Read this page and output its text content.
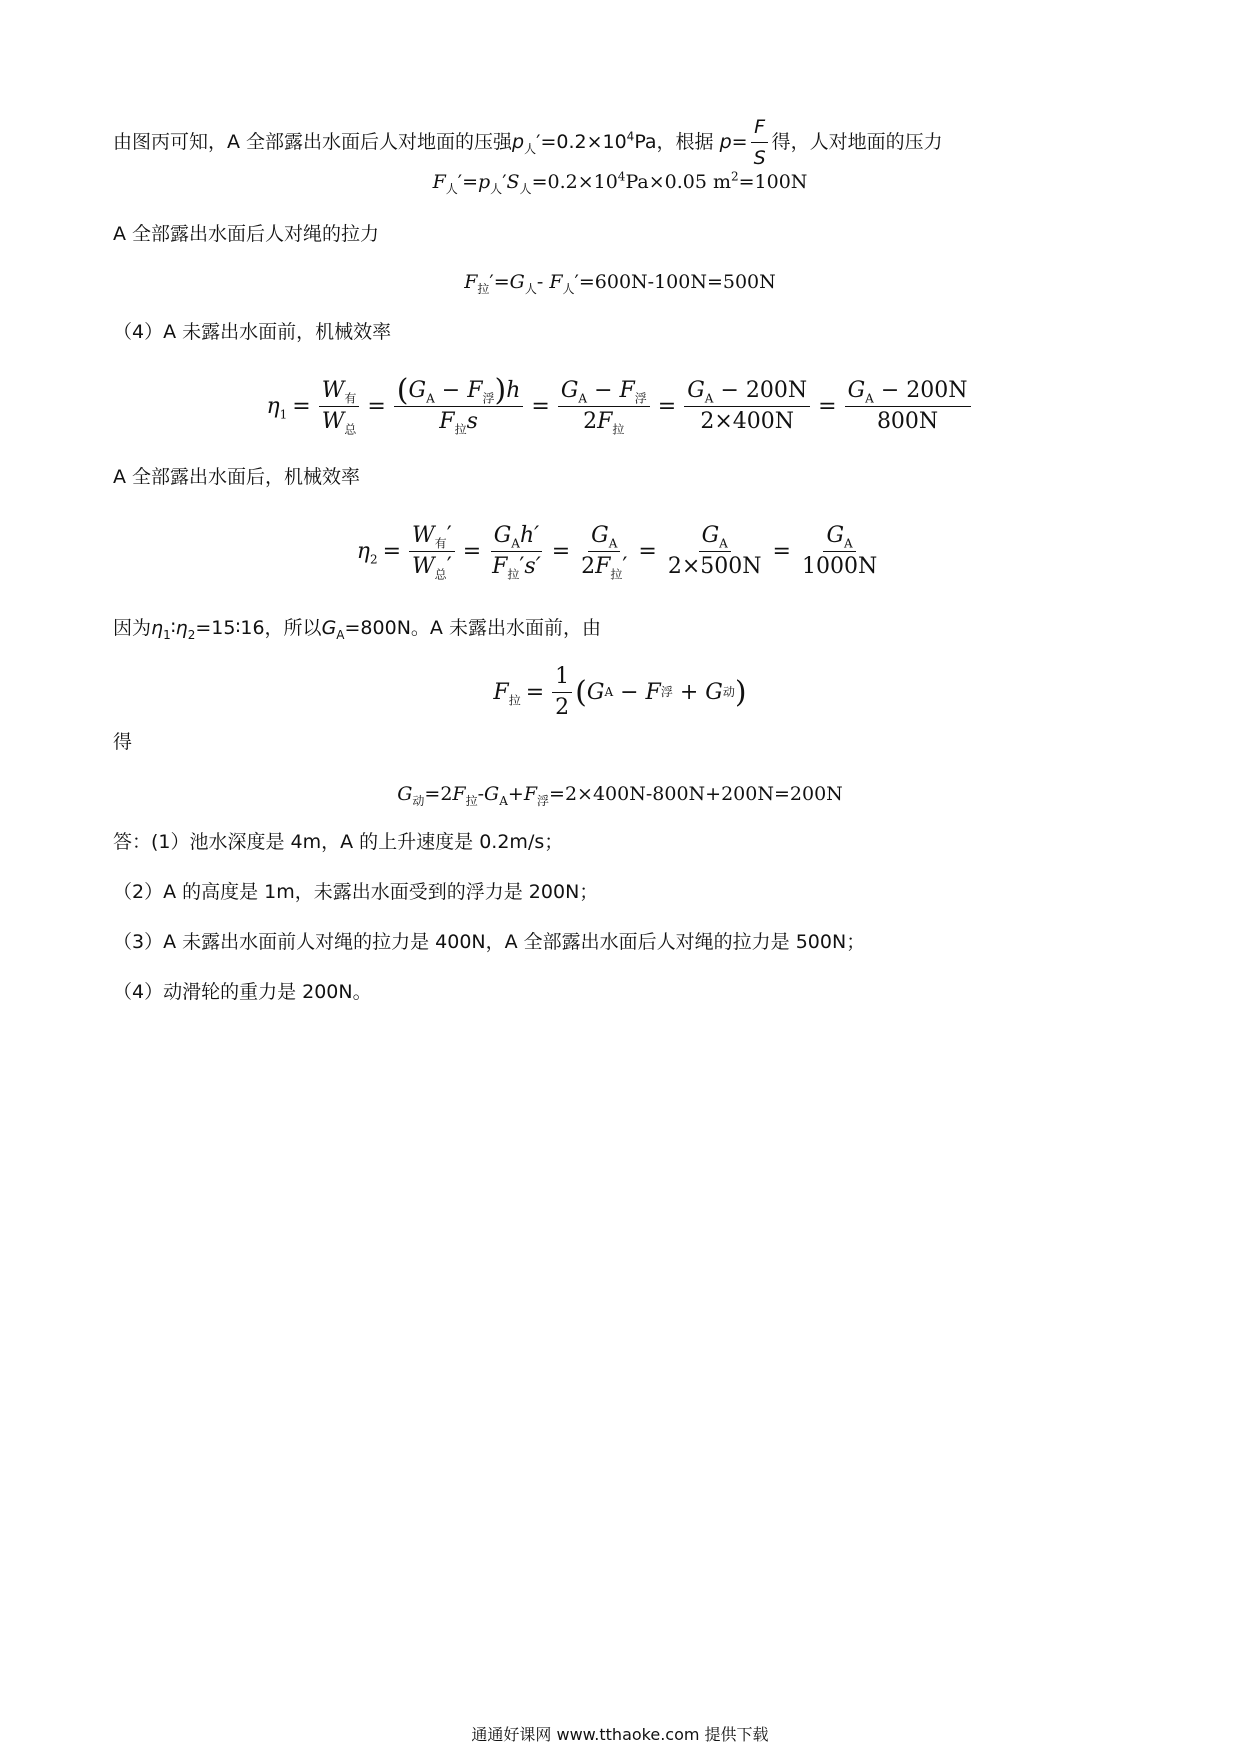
由图丙可知，A 全部露出水面后人对地面的压强$p_人'=0.2\times 10^4Pa$，根据 $p= \frac{F}{S}$ 得，人对地面的压力
$F_人'=p_人'S_人=0.2\times 10^4Pa\times 0.05$ $m^2=100N$
A 全部露出水面后人对绳的拉力
$F_拉'=G_人-$ $F_人'=600N-100N=500N$
（4）A 未露出水面前，机械效率
$\eta_1 = \frac{W_有}{W_总} = \frac{(G_A - F_浮)h}{F_拉s} = \frac{G_A - F_浮}{2F_拉} = \frac{G_A - 200N}{2\times 400N} = \frac{G_A - 200N}{800N}$
A 全部露出水面后，机械效率
$\eta_2 = \frac{W_有'}{W_总'} = \frac{G_Ah'}{F_拉's'} = \frac{G_A}{2F_拉'} = \frac{G_A}{2\times 500N} = \frac{G_A}{1000N}$
因为$\eta_1∶\eta_2=15∶16$，所以$G_A=800N$。A 未露出水面前，由
$F_拉 = \frac{1}{2}$ ( G A
−
F 浮
+
G 动 )
得
$G_动=2F_拉-G_A+F_浮=2\times 400N-800N+200N=200N$
答：(1）池水深度是 4m，A 的上升速度是 0.2m/s；
（2）A 的高度是 1m，未露出水面受到的浮力是 200N；
（3）A 未露出水面前人对绳的拉力是 400N，A 全部露出水面后人对绳的拉力是 500N；
（4）动滑轮的重力是 200N。
通通好课网 www.tthaoke.com 提供下载
